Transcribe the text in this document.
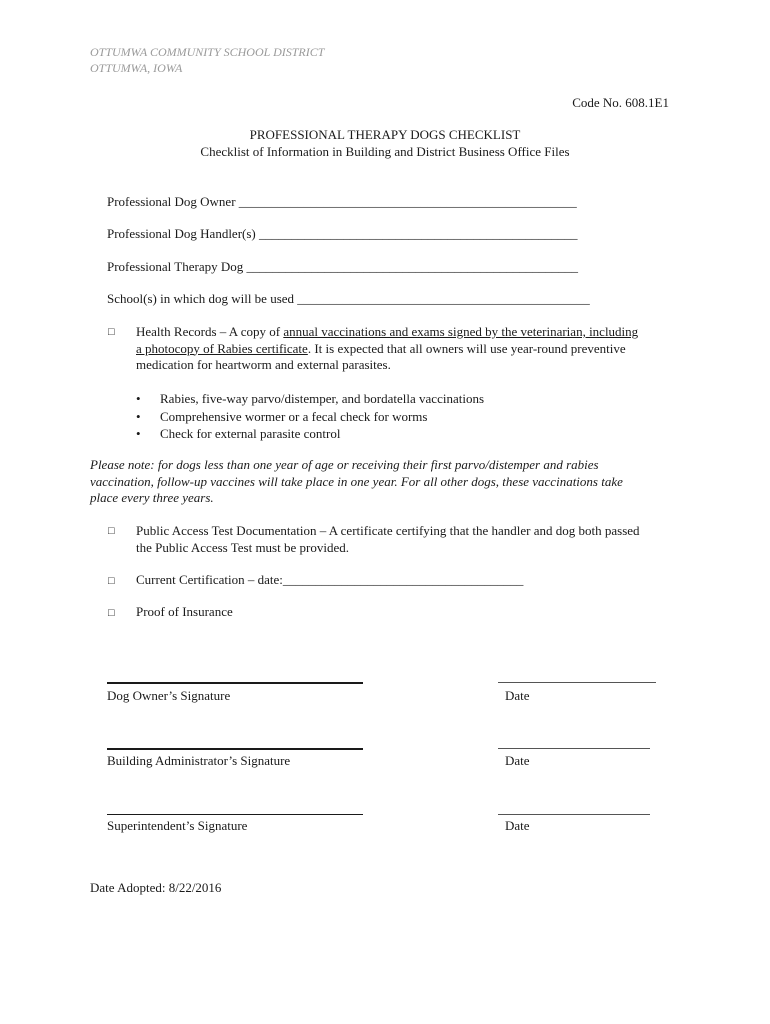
OTTUMWA COMMUNITY SCHOOL DISTRICT
OTTUMWA, IOWA
Code No. 608.1E1
PROFESSIONAL THERAPY DOGS CHECKLIST
Checklist of Information in Building and District Business Office Files
Professional Dog Owner ____________________________________________________
Professional Dog Handler(s) _________________________________________________
Professional Therapy Dog ___________________________________________________
School(s) in which dog will be used _____________________________________________
□ Health Records – A copy of annual vaccinations and exams signed by the veterinarian, including
a photocopy of Rabies certificate. It is expected that all owners will use year-round preventive
medication for heartworm and external parasites.
•	Rabies, five-way parvo/distemper, and bordatella vaccinations
•	Comprehensive wormer or a fecal check for worms
•	Check for external parasite control
Please note: for dogs less than one year of age or receiving their first parvo/distemper and rabies
vaccination, follow-up vaccines will take place in one year. For all other dogs, these vaccinations take
place every three years.
□ Public Access Test Documentation – A certificate certifying that the handler and dog both passed
the Public Access Test must be provided.
□ Current Certification – date:_____________________________________
□ Proof of Insurance
Dog Owner’s Signature	Date
Building Administrator’s Signature	Date
Superintendent’s Signature	Date
Date Adopted: 8/22/2016
